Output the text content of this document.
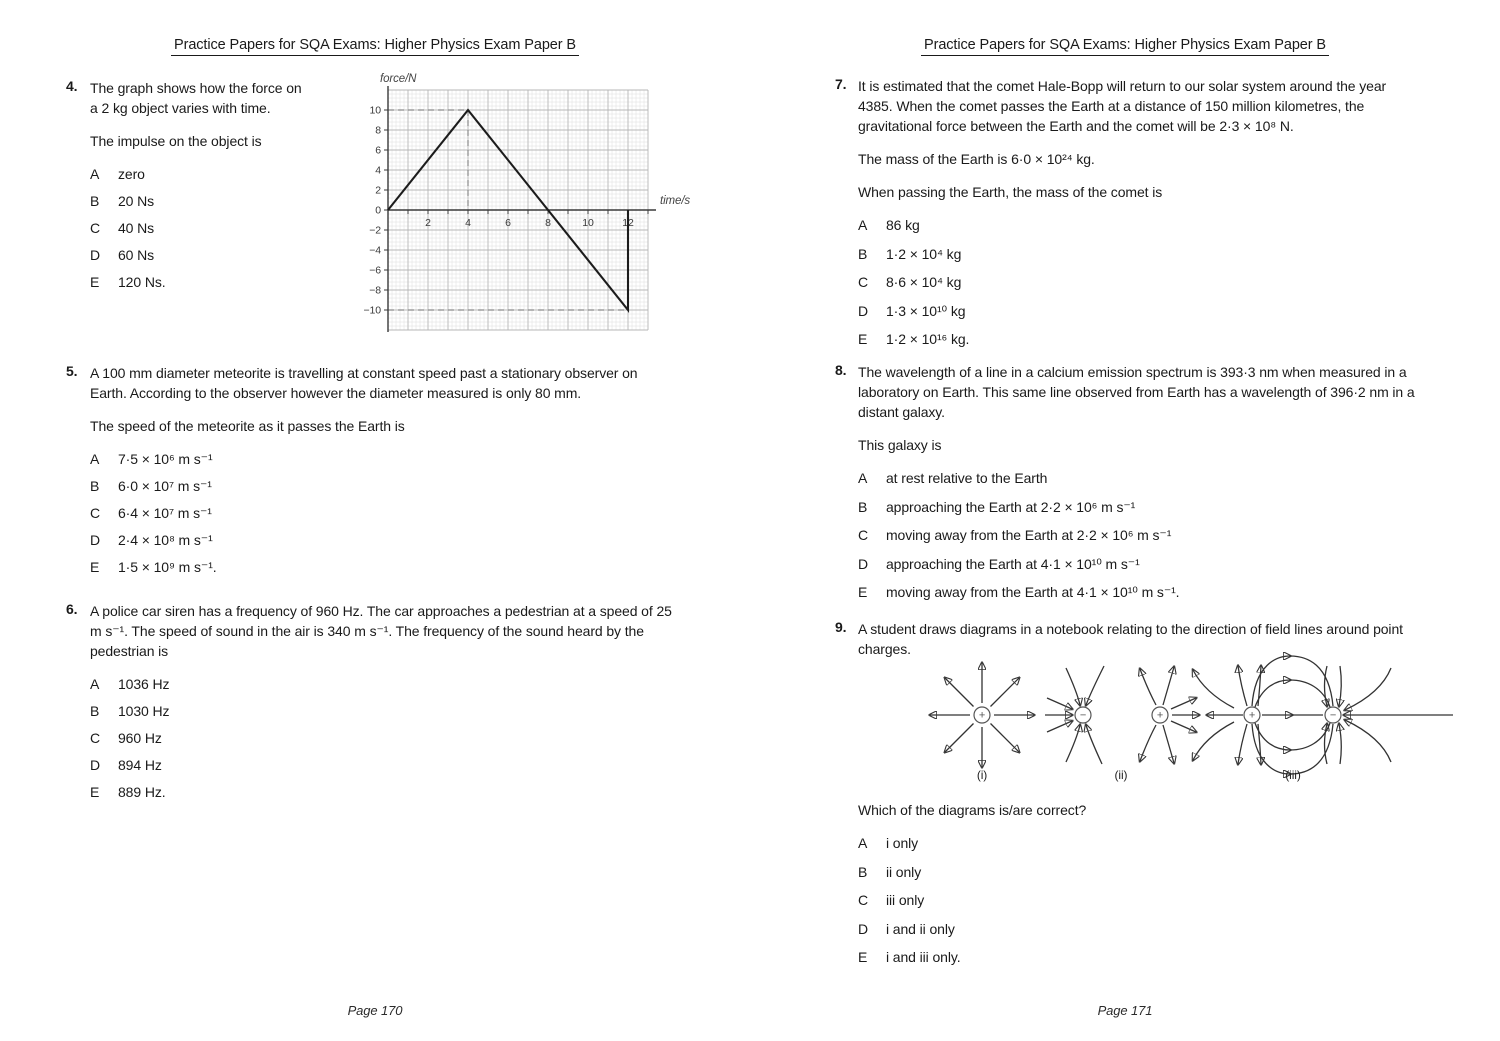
Practice Papers for SQA Exams: Higher Physics Exam Paper B
4. The graph shows how the force on a 2 kg object varies with time.

The impulse on the object is

A	zero
B	20 Ns
C	40 Ns
D	60 Ns
E	120 Ns.
2	4	6	8	10	12
−10
−8
−6
−4
−2
0
2
4
6
8
10
force/N
time/s
5. A 100 mm diameter meteorite is travelling at constant speed past a stationary observer on Earth. According to the observer however the diameter measured is only 80 mm.

The speed of the meteorite as it passes the Earth is

A	7·5 × 10⁶ m s⁻¹
B	6·0 × 10⁷ m s⁻¹
C	6·4 × 10⁷ m s⁻¹
D	2·4 × 10⁸ m s⁻¹
E	1·5 × 10⁹ m s⁻¹.
6. A police car siren has a frequency of 960 Hz. The car approaches a pedestrian at a speed of 25 m s⁻¹. The speed of sound in the air is 340 m s⁻¹. The frequency of the sound heard by the pedestrian is

A	1036 Hz
B	1030 Hz
C	960 Hz
D	894 Hz
E	889 Hz.
Page 170
Practice Papers for SQA Exams: Higher Physics Exam Paper B
7. It is estimated that the comet Hale-Bopp will return to our solar system around the year 4385. When the comet passes the Earth at a distance of 150 million kilometres, the gravitational force between the Earth and the comet will be 2·3 × 10⁸ N.

The mass of the Earth is 6·0 × 10²⁴ kg.

When passing the Earth, the mass of the comet is

A	86 kg
B	1·2 × 10⁴ kg
C	8·6 × 10⁴ kg
D	1·3 × 10¹⁰ kg
E	1·2 × 10¹⁶ kg.
8. The wavelength of a line in a calcium emission spectrum is 393·3 nm when measured in a laboratory on Earth. This same line observed from Earth has a wavelength of 396·2 nm in a distant galaxy.

This galaxy is

A	at rest relative to the Earth
B	approaching the Earth at 2·2 × 10⁶ m s⁻¹
C	moving away from the Earth at 2·2 × 10⁶ m s⁻¹
D	approaching the Earth at 4·1 × 10¹⁰ m s⁻¹
E	moving away from the Earth at 4·1 × 10¹⁰ m s⁻¹.
9. A student draws diagrams in a notebook relating to the direction of field lines around point charges.

+	−	+	+	−
(i)	(ii)	(iii)

Which of the diagrams is/are correct?

A	i only
B	ii only
C	iii only
D	i and ii only
E	i and iii only.
Page 171
